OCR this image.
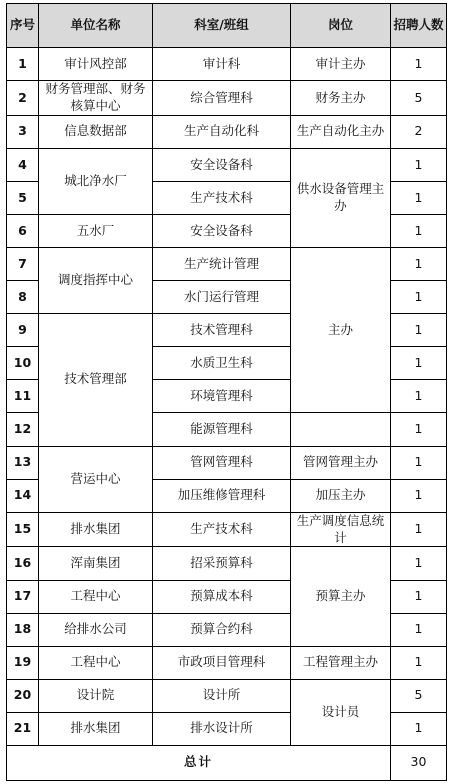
序号	单位名称	科室/班组	岗位	招聘人数
1	审计风控部	审计科	审计主办	1
2	财务管理部、财务核算中心	综合管理科	财务主办	5
3	信息数据部	生产自动化科	生产自动化主办	2
4	城北净水厂	安全设备科	供水设备管理主办	1
5		生产技术科		1
6	五水厂	安全设备科		1
7	调度指挥中心	生产统计管理	主办	1
8		水门运行管理		1
9	技术管理部	技术管理科		1
10		水质卫生科		1
11		环境管理科		1
12		能源管理科		1
13	营运中心	管网管理科	管网管理主办	1
14		加压维修管理科	加压主办	1
15	排水集团	生产技术科	生产调度信息统计	1
16	浑南集团	招采预算科	预算主办	1
17	工程中心	预算成本科		1
18	给排水公司	预算合约科		1
19	工程中心	市政项目管理科	工程管理主办	1
20	设计院	设计所	设计员	5
21	排水集团	排水设计所		1
总计				30
